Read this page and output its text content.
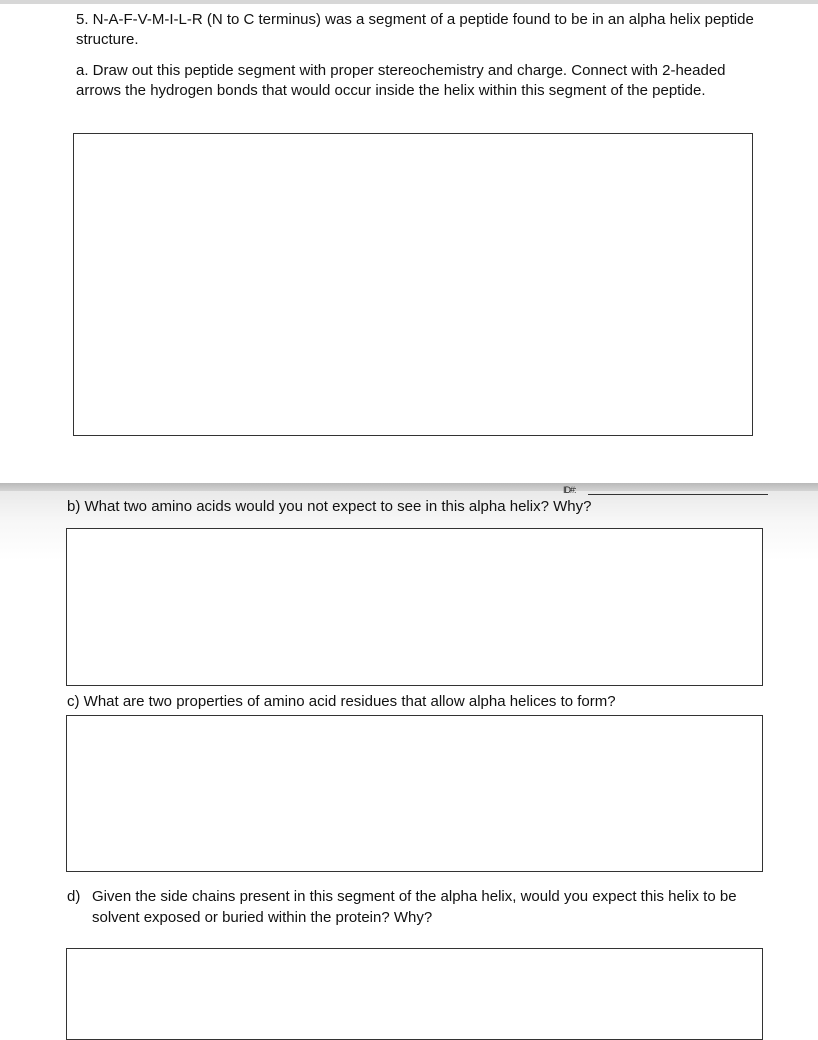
5. N-A-F-V-M-I-L-R (N to C terminus) was a segment of a peptide found to be in an alpha helix peptide structure.

a. Draw out this peptide segment with proper stereochemistry and charge. Connect with 2-headed arrows the hydrogen bonds that would occur inside the helix within this segment of the peptide.

ID#:

b) What two amino acids would you not expect to see in this alpha helix? Why?

c) What are two properties of amino acid residues that allow alpha helices to form?

d) Given the side chains present in this segment of the alpha helix, would you expect this helix to be solvent exposed or buried within the protein? Why?
